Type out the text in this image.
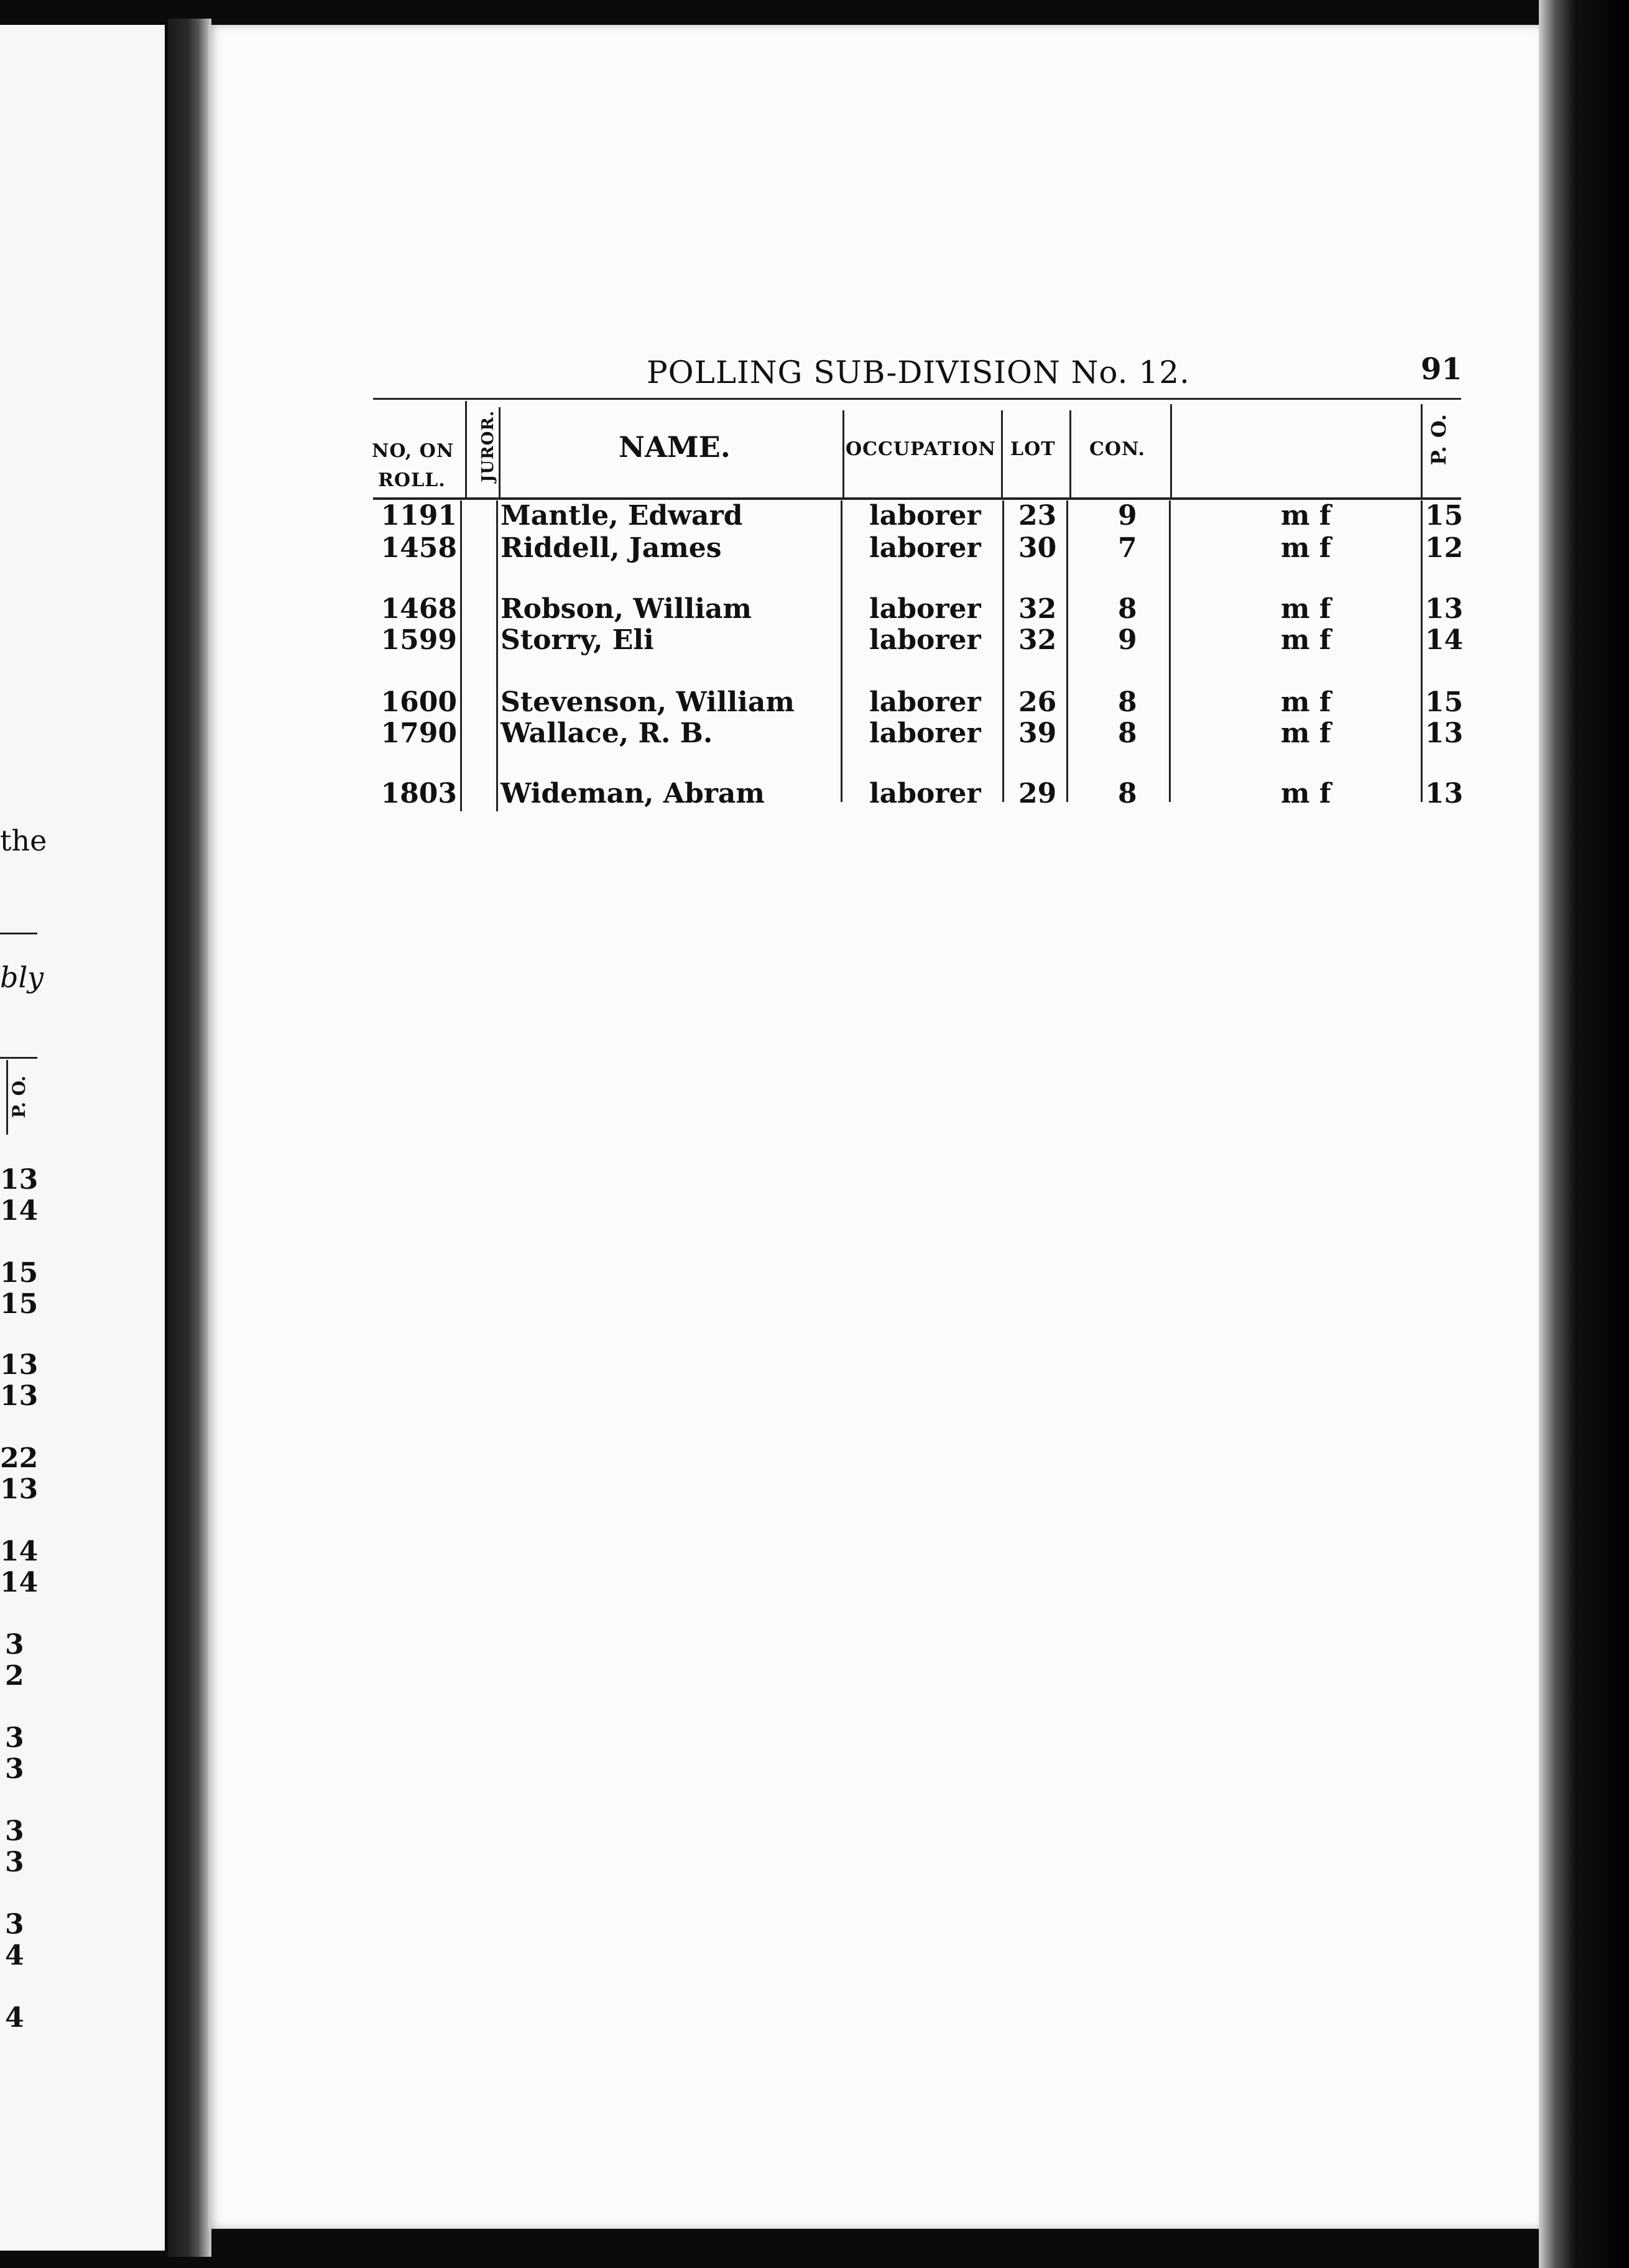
the
bly
P. O.
13
14
15
15
13
13
22
13
14
14
3
2
3
3
3
3
3
4
4
POLLING SUB-DIVISION No. 12.	91
NO, ON
ROLL. JUROR.	NAME.	OCCUPATION LOT CON.	P. O.
1191 Mantle, Edward	laborer 23 9	m f	15
1458 Riddell, James	laborer 30 7	m f	12
1468 Robson, William	laborer 32 8	m f	13
1599 Storry, Eli	laborer 32 9	m f	14
1600 Stevenson, William	laborer 26 8	m f	15
1790 Wallace, R. B.	laborer 39 8	m f	13
1803 Wideman, Abram	laborer 29 8	m f	13
